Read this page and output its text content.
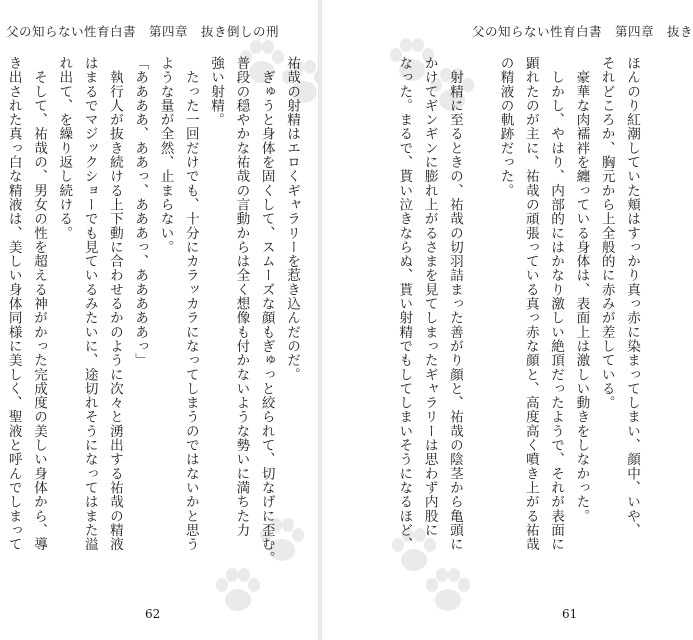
父の知らない性育白書　第四章　抜き倒しの刑
祐哉の射精はエロくギャラリーを惹き込んだのだ。
　ぎゅうと身体を固くして、スムーズな顔もぎゅっと絞られて、切なげに歪む。
普段の穏やかな祐哉の言動からは全く想像も付かないような勢いに満ちた力
強い射精。
　たった一回だけでも、十分にカラッカラになってしまうのではないかと思う
ような量が全然、止まらない。
「ああああ、ああっ、あああっ、あああああっ」
　執行人が抜き続ける上下動に合わせるかのように次々と湧出する祐哉の精液
はまるでマジックショーでも見ているみたいに、途切れそうになってはまた溢
れ出て、を繰り返し続ける。
　そして、祐哉の、男女の性を超える神がかった完成度の美しい身体から、導
き出された真っ白な精液は、美しい身体同様に美しく、聖液と呼んでしまって
62
父の知らない性育白書　第四章　抜き
ほんのり紅潮していた頬はすっかり真っ赤に染まってしまい、顔中、いや、
それどころか、胸元から上全般的に赤みが差している。
　豪華な肉襦袢を纏っている身体は、表面上は激しい動きをしなかった。
　しかし、やはり、内部的にはかなり激しい絶頂だったようで、それが表面に
顕れたのが主に、祐哉の頑張っている真っ赤な顔と、高度高く噴き上がる祐哉
の精液の軌跡だった。
　射精に至るときの、祐哉の切羽詰まった善がり顔と、祐哉の陰茎から亀頭に
かけてギンギンに膨れ上がるさまを見てしまったギャラリーは思わず内股に
なった。まるで、貰い泣きならぬ、貰い射精でもしてしまいそうになるほど、
61
